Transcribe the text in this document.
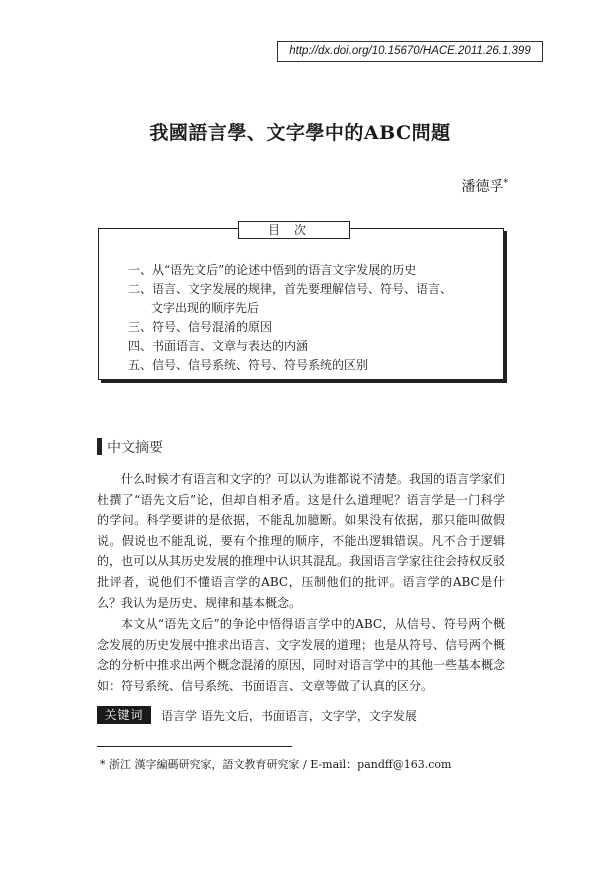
http://dx.doi.org/10.15670/HACE.2011.26.1.399
我國語言學、文字學中的ABC問題
潘德孚*
目次
一、从“语先文后”的论述中悟到的语言文字发展的历史
二、语言、文字发展的规律，首先要理解信号、符号、语言、
文字出现的顺序先后
三、符号、信号混淆的原因
四、书面语言、文章与表达的内涵
五、信号、信号系统、符号、符号系统的区别
中文摘要

什么时候才有语言和文字的？可以认为谁都说不清楚。我国的语言学家们杜撰了“语先文后”论，但却自相矛盾。这是什么道理呢？语言学是一门科学的学问。科学要讲的是依据，不能乱加臆断。如果没有依据，那只能叫做假说。假说也不能乱说，要有个推理的顺序，不能出逻辑错误。凡不合于逻辑的，也可以从其历史发展的推理中认识其混乱。我国语言学家往往会持权反驳批评者，说他们不懂语言学的ABC，压制他们的批评。语言学的ABC是什么？我认为是历史、规律和基本概念。

本文从“语先文后”的争论中悟得语言学中的ABC，从信号、符号两个概念发展的历史发展中推求出语言、文字发展的道理；也是从符号、信号两个概念的分析中推求出两个概念混淆的原因，同时对语言学中的其他一些基本概念如：符号系统、信号系统、书面语言、文章等做了认真的区分。

关键词	语言学 语先文后，书面语言，文字学，文字发展
* 浙江 漢字編碼研究家，語文教育研究家 / E-mail：pandff@163.com
